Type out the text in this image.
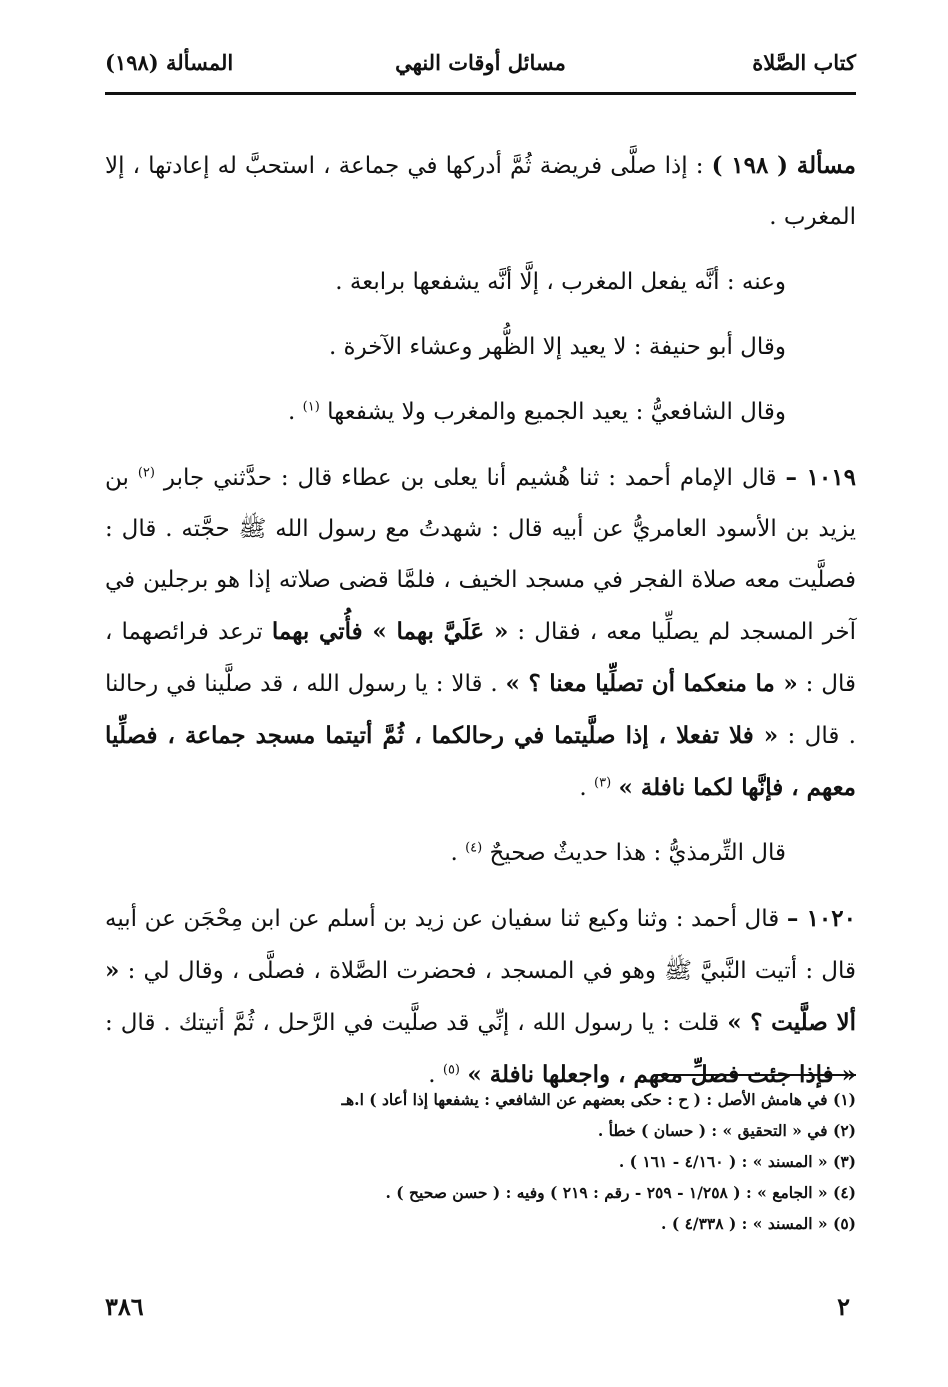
كتاب الصَّلاة
مسائل أوقات النهي
المسألة (١٩٨)

مسألة ( ١٩٨ ) : إذا صلَّى فريضة ثُمَّ أدركها في جماعة ، استحبَّ له إعادتها ، إلا المغرب .

وعنه : أنَّه يفعل المغرب ، إلَّا أنَّه يشفعها برابعة .

وقال أبو حنيفة : لا يعيد إلا الظُّهر وعشاء الآخرة .

وقال الشافعيُّ : يعيد الجميع والمغرب ولا يشفعها $^{(١)}$ .

١٠١٩ – قال الإمام أحمد : ثنا هُشيم أنا يعلى بن عطاء قال : حدَّثني جابر $^{(٢)}$ بن يزيد بن الأسود العامريُّ عن أبيه قال : شهدتُ مع رسول الله ﷺ حجَّته . قال : فصلَّيت معه صلاة الفجر في مسجد الخيف ، فلمَّا قضى صلاته إذا هو برجلين في آخر المسجد لم يصلِّيا معه ، فقال : « عَلَيَّ بهما » فأُتي بهما ترعد فرائصهما ، قال : « ما منعكما أن تصلِّيا معنا ؟ » . قالا : يا رسول الله ، قد صلَّينا في رحالنا . قال : « فلا تفعلا ، إذا صلَّيتما في رحالكما ، ثُمَّ أتيتما مسجد جماعة ، فصلِّيا معهم ، فإنَّها لكما نافلة » $^{(٣)}$ .

قال التِّرمذيُّ : هذا حديثٌ صحيحٌ $^{(٤)}$ .

١٠٢٠ – قال أحمد : وثنا وكيع ثنا سفيان عن زيد بن أسلم عن ابن مِحْجَن عن أبيه قال : أتيت النَّبيَّ ﷺ وهو في المسجد ، فحضرت الصَّلاة ، فصلَّى ، وقال لي : « ألا صلَّيت ؟ » قلت : يا رسول الله ، إنِّي قد صلَّيت في الرَّحل ، ثُمَّ أتيتك . قال : « فإذا جئت فصلِّ معهم ، واجعلها نافلة » $^{(٥)}$ .

(١) في هامش الأصل : ( ح : حكى بعضهم عن الشافعي : يشفعها إذا أعاد ) ا.هـ

(٢) في « التحقيق » : ( حسان ) خطأ .

(٣) « المسند » : ( ٤/١٦٠ - ١٦١ ) .

(٤) « الجامع » : ( ١/٢٥٨ - ٢٥٩ - رقم : ٢١٩ ) وفيه : ( حسن صحيح ) .

(٥) « المسند » : ( ٤/٣٣٨ ) .

٢
٣٨٦
